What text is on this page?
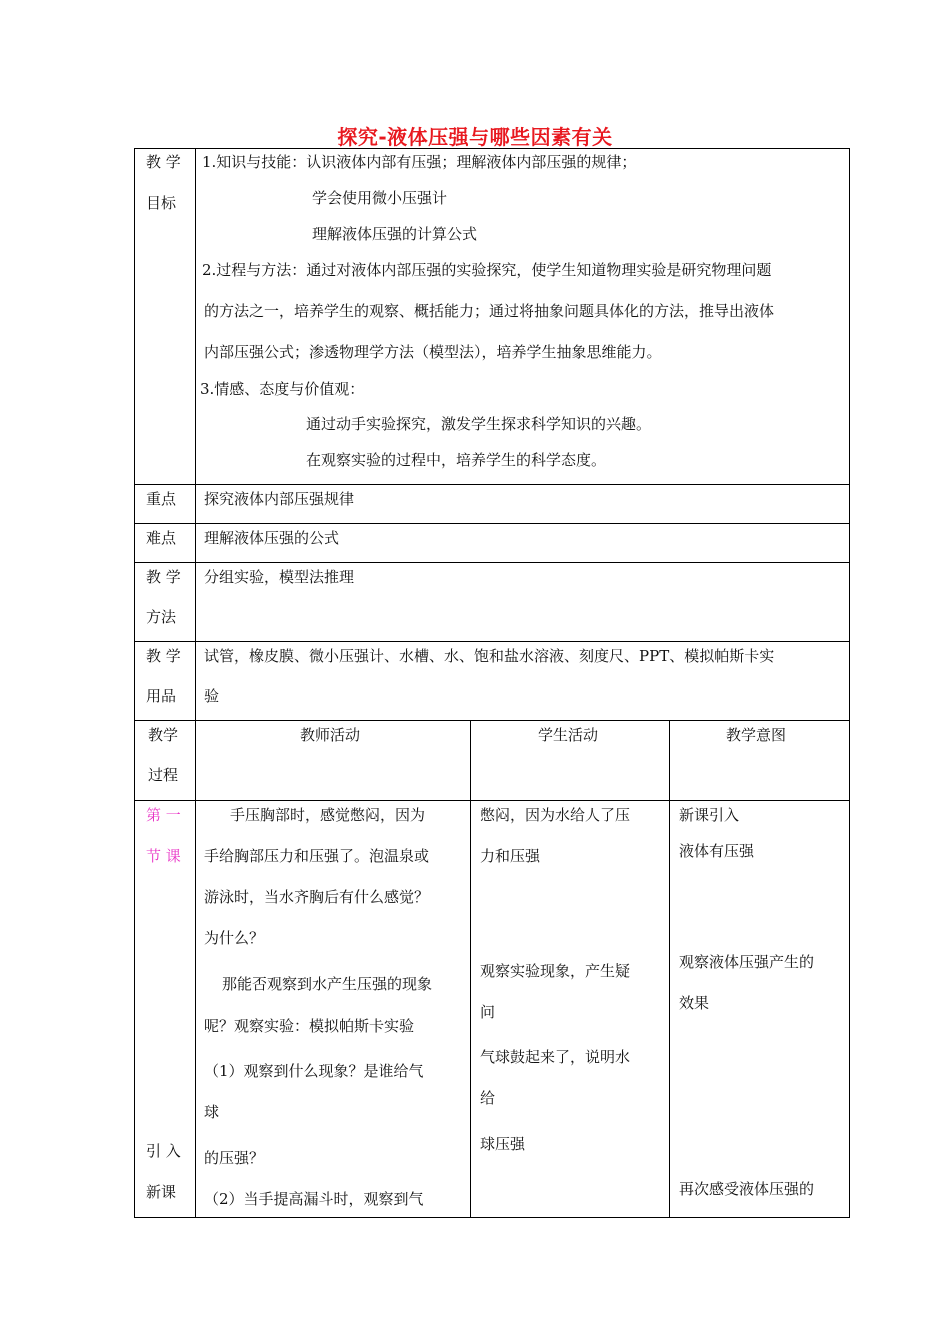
探究-液体压强与哪些因素有关
教 学
目标
1.知识与技能：认识液体内部有压强；理解液体内部压强的规律；
学会使用微小压强计
理解液体压强的计算公式
2.过程与方法：通过对液体内部压强的实验探究，使学生知道物理实验是研究物理问题
的方法之一，培养学生的观察、概括能力；通过将抽象问题具体化的方法，推导出液体
内部压强公式；渗透物理学方法（模型法），培养学生抽象思维能力。
3.情感、态度与价值观：
通过动手实验探究，激发学生探求科学知识的兴趣。
在观察实验的过程中，培养学生的科学态度。
重点 探究液体内部压强规律
难点 理解液体压强的公式
教 学
方法
分组实验，模型法推理
教 学
用品
试管，橡皮膜、微小压强计、水槽、水、饱和盐水溶液、刻度尺、PPT、模拟帕斯卡实
验
教学
过程
教师活动	学生活动	教学意图
第 一
节 课
引 入
新课
手压胸部时，感觉憋闷，因为
手给胸部压力和压强了。泡温泉或
游泳时，当水齐胸后有什么感觉？
为什么？
那能否观察到水产生压强的现象
呢？观察实验：模拟帕斯卡实验
（1）观察到什么现象？是谁给气
球
的压强？
（2）当手提高漏斗时，观察到气
憋闷，因为水给人了压
力和压强
观察实验现象，产生疑
问
气球鼓起来了，说明水
给
球压强
新课引入
液体有压强
观察液体压强产生的
效果
再次感受液体压强的
